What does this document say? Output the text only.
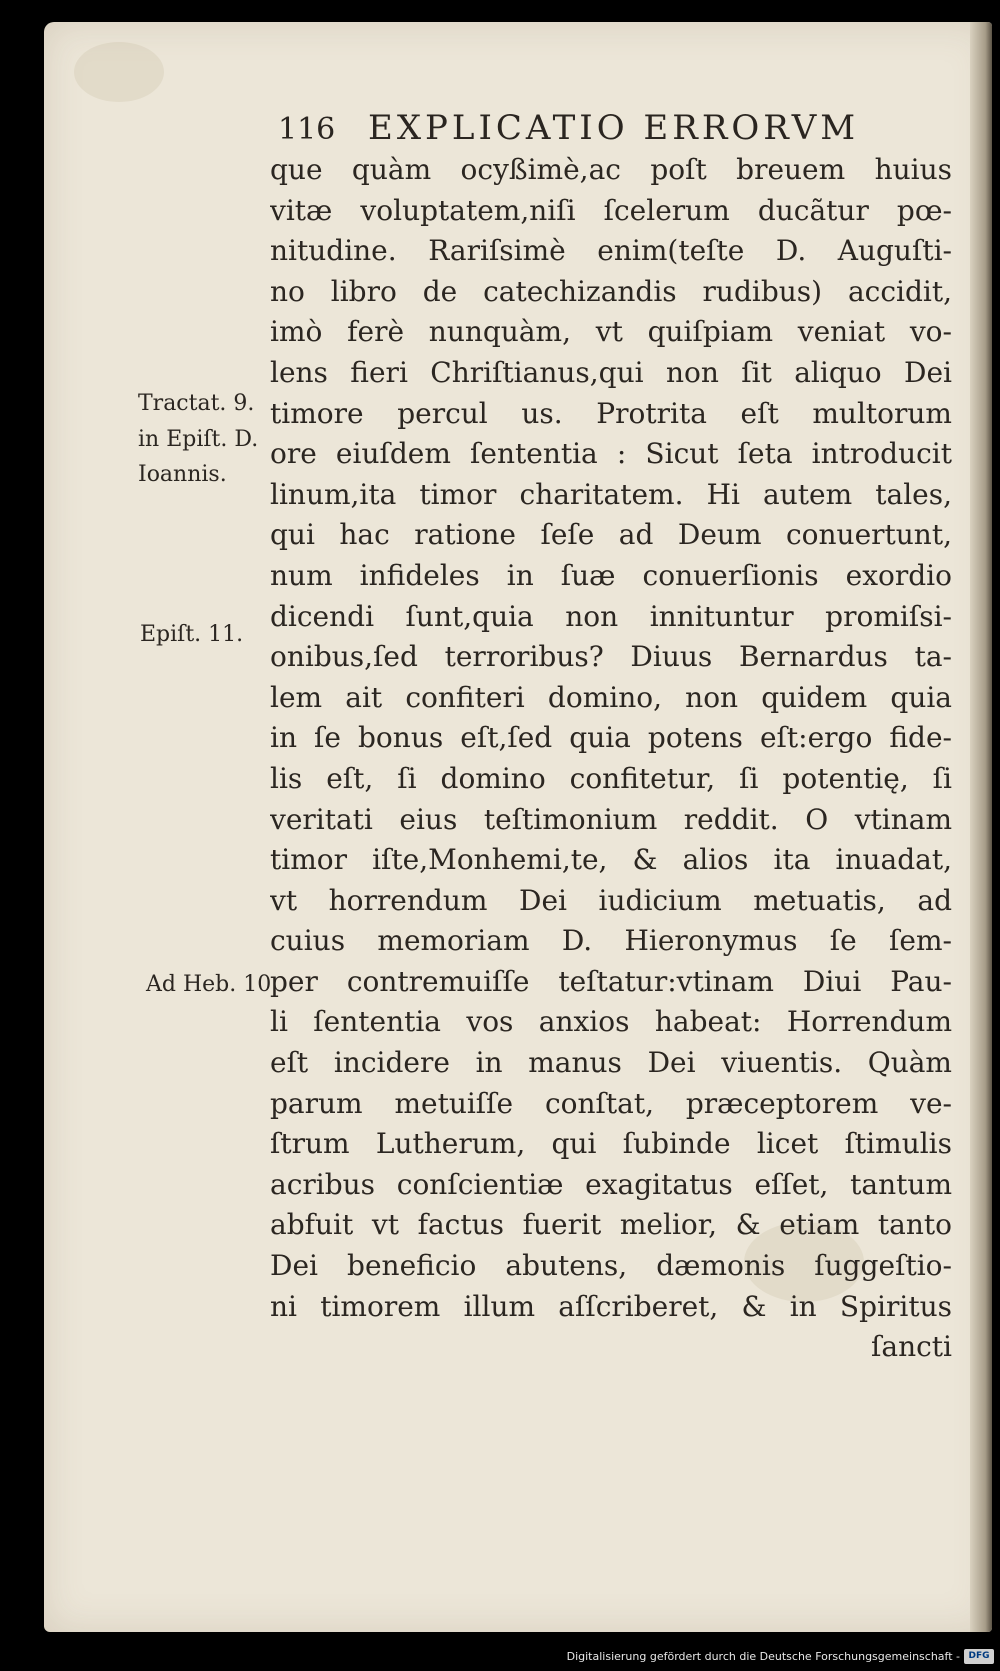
116 EXPLICATIO ERRORVM
que quàm ocyßimè,ac poſt breuem huius
vitæ voluptatem,niſi ſcelerum ducãtur pœ-
nitudine. Rariſsimè enim(teſte D. Auguſti-
no libro de catechizandis rudibus) accidit,
imò ferè nunquàm, vt quiſpiam veniat vo-
lens fieri Chriſtianus,qui non ſit aliquo Dei
timore percul us. Protrita eſt multorum
ore eiuſdem ſententia : Sicut ſeta introducit
linum,ita timor charitatem. Hi autem tales,
qui hac ratione ſeſe ad Deum conuertunt,
num infideles in ſuæ conuerſionis exordio
dicendi ſunt,quia non innituntur promiſsi-
onibus,ſed terroribus? Diuus Bernardus ta-
lem ait confiteri domino, non quidem quia
in ſe bonus eſt,ſed quia potens eſt:ergo fide-
lis eſt, ſi domino confitetur, ſi potentię, ſi
veritati eius teſtimonium reddit. O vtinam
timor iſte,Monhemi,te, & alios ita inuadat,
vt horrendum Dei iudicium metuatis, ad
cuius memoriam D. Hieronymus ſe ſem-
per contremuiſſe teſtatur:vtinam Diui Pau-
li ſententia vos anxios habeat: Horrendum
eſt incidere in manus Dei viuentis. Quàm
parum metuiſſe conſtat, præceptorem ve-
ſtrum Lutherum, qui ſubinde licet ſtimulis
acribus conſcientiæ exagitatus eſſet, tantum
abfuit vt factus fuerit melior, & etiam tanto
Dei beneficio abutens, dæmonis ſuggeſtio-
ni timorem illum aſſcriberet, & in Spiritus
ſancti
Tractat. 9.
in Epiſt. D.
Ioannis.
Epiſt. 11.
Ad Heb. 10
Digitalisierung gefördert durch die Deutsche Forschungsgemeinschaft - DFG
